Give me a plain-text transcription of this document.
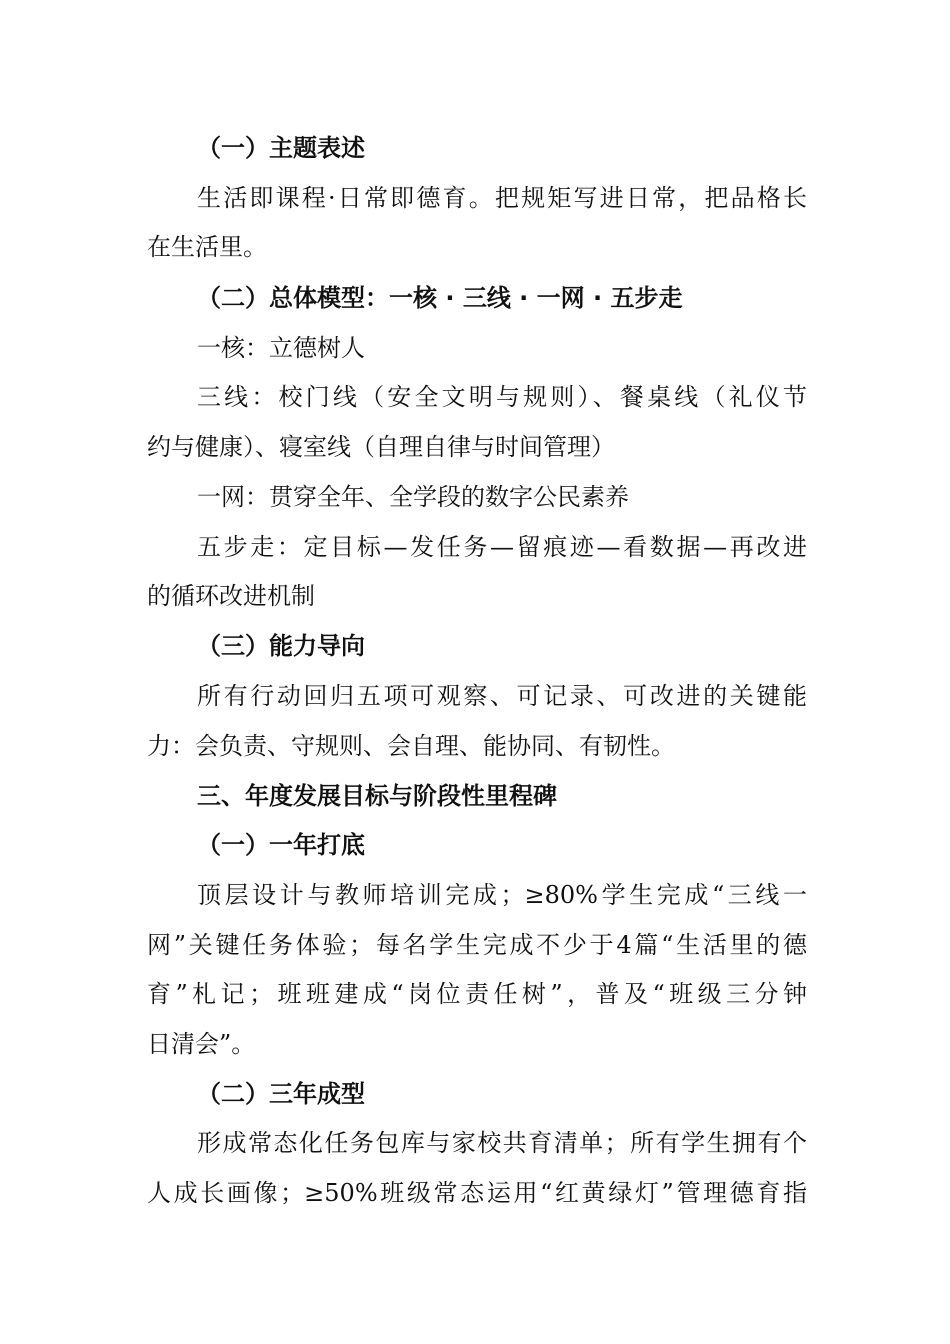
（一）主题表述
生活即课程·日常即德育。把规矩写进日常，把品格长
在生活里。
（二）总体模型：一核 · 三线 · 一网 · 五步走
一核：立德树人
三线：校门线（安全文明与规则）、餐桌线（礼仪节
约与健康）、寝室线（自理自律与时间管理）
一网：贯穿全年、全学段的数字公民素养
五步走：定目标—发任务—留痕迹—看数据—再改进
的循环改进机制
（三）能力导向
所有行动回归五项可观察、可记录、可改进的关键能
力：会负责、守规则、会自理、能协同、有韧性。
三、年度发展目标与阶段性里程碑
（一）一年打底
顶层设计与教师培训完成；≥80%学生完成“三线一
网”关键任务体验；每名学生完成不少于4篇“生活里的德
育”札记；班班建成“岗位责任树”，普及“班级三分钟
日清会”。
（二）三年成型
形成常态化任务包库与家校共育清单；所有学生拥有个
人成长画像；≥50%班级常态运用“红黄绿灯”管理德育指
